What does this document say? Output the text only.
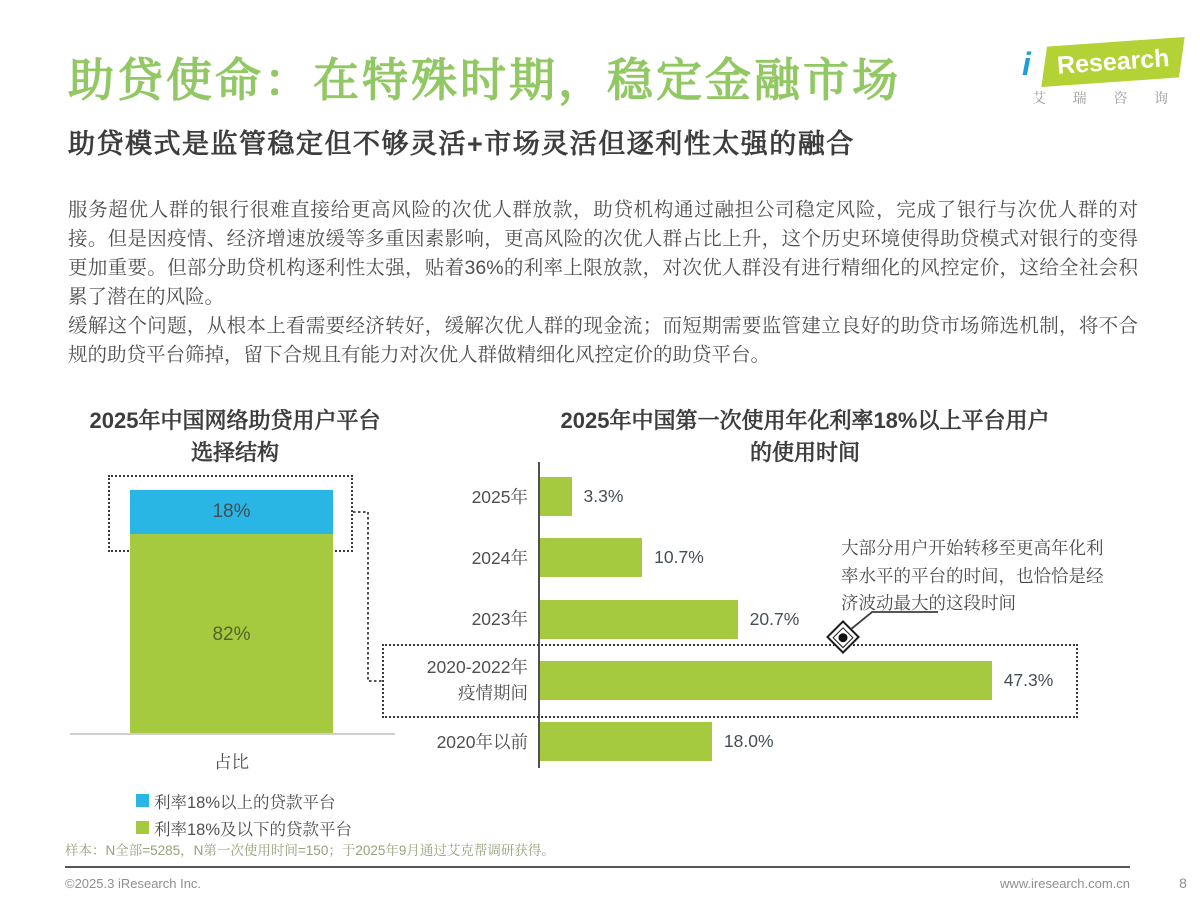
助贷使命：在特殊时期，稳定金融市场	i Research
艾 瑞 咨 询
助贷模式是监管稳定但不够灵活+市场灵活但逐利性太强的融合
服务超优人群的银行很难直接给更高风险的次优人群放款，助贷机构通过融担公司稳定风险，完成了银行与次优人群的对接。但是因疫情、经济增速放缓等多重因素影响，更高风险的次优人群占比上升，这个历史环境使得助贷模式对银行的变得更加重要。但部分助贷机构逐利性太强，贴着36%的利率上限放款，对次优人群没有进行精细化的风控定价，这给全社会积累了潜在的风险。
缓解这个问题，从根本上看需要经济转好，缓解次优人群的现金流；而短期需要监管建立良好的助贷市场筛选机制，将不合规的助贷平台筛掉，留下合规且有能力对次优人群做精细化风控定价的助贷平台。
2025年中国网络助贷用户平台
选择结构
18%
82%
占比
2025年中国第一次使用年化利率18%以上平台用户
的使用时间
2025年	3.3%
2024年	10.7%
2023年	20.7%
2020-2022年
疫情期间
47.3%
2020年以前	18.0%
大部分用户开始转移至更高年化利
率水平的平台的时间，也恰恰是经
济波动最大的这段时间
利率18%以上的贷款平台
利率18%及以下的贷款平台
样本：N全部=5285，N第一次使用时间=150；于2025年9月通过艾克帮调研获得。
©2025.3 iResearch Inc.	www.iresearch.com.cn	8
